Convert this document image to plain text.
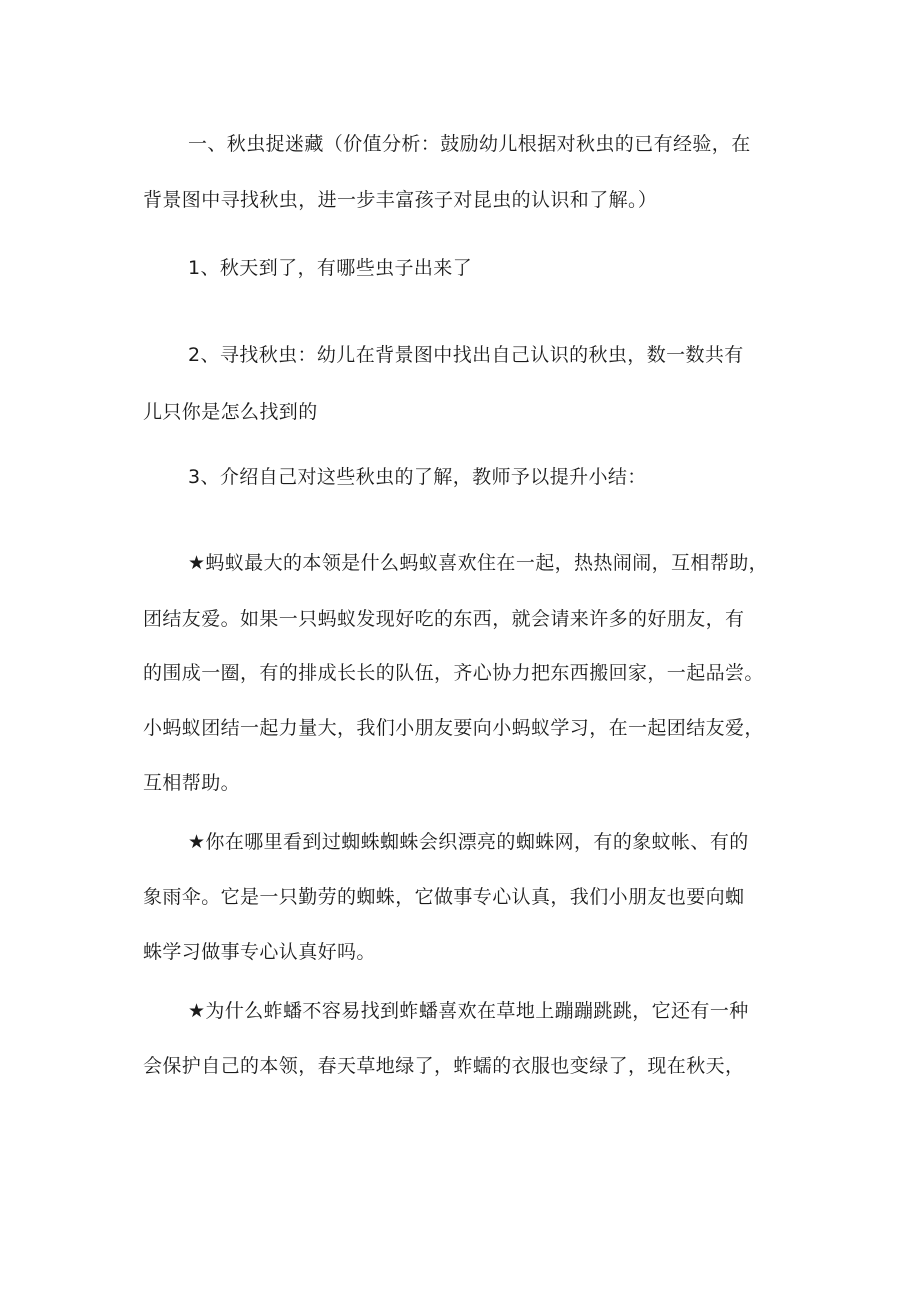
一、秋虫捉迷藏（价值分析：鼓励幼儿根据对秋虫的已有经验，在
背景图中寻找秋虫，进一步丰富孩子对昆虫的认识和了解。）
1、秋天到了，有哪些虫子出来了
2、寻找秋虫：幼儿在背景图中找出自己认识的秋虫，数一数共有
儿只你是怎么找到的
3、介绍自己对这些秋虫的了解，教师予以提升小结：
★蚂蚁最大的本领是什么蚂蚁喜欢住在一起，热热闹闹，互相帮助，
团结友爱。如果一只蚂蚁发现好吃的东西，就会请来许多的好朋友，有
的围成一圈，有的排成长长的队伍，齐心协力把东西搬回家，一起品尝。
小蚂蚁团结一起力量大，我们小朋友要向小蚂蚁学习，在一起团结友爱，
互相帮助。
★你在哪里看到过蜘蛛蜘蛛会织漂亮的蜘蛛网，有的象蚊帐、有的
象雨伞。它是一只勤劳的蜘蛛，它做事专心认真，我们小朋友也要向蜘
蛛学习做事专心认真好吗。
★为什么蚱蟠不容易找到蚱蟠喜欢在草地上蹦蹦跳跳，它还有一种
会保护自己的本领，春天草地绿了，蚱蠕的衣服也变绿了，现在秋天，
